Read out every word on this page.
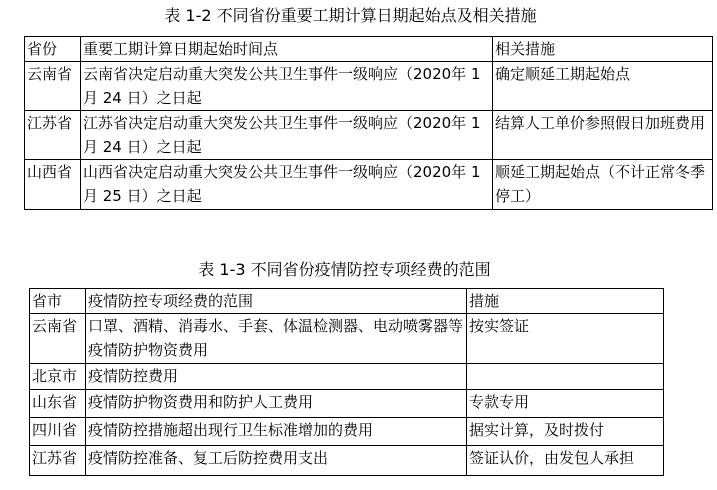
表 1-2 不同省份重要工期计算日期起始点及相关措施
省份	重要工期计算日期起始时间点	相关措施
云南省	云南省决定启动重大突发公共卫生事件一级响应（2020年 1 月 24 日）之日起	确定顺延工期起始点
江苏省	江苏省决定启动重大突发公共卫生事件一级响应（2020年 1 月 24 日）之日起	结算人工单价参照假日加班费用
山西省	山西省决定启动重大突发公共卫生事件一级响应（2020年 1 月 25 日）之日起	顺延工期起始点（不计正常冬季停工）
表 1-3 不同省份疫情防控专项经费的范围
省市	疫情防控专项经费的范围	措施
云南省	口罩、酒精、消毒水、手套、体温检测器、电动喷雾器等疫情防护物资费用	按实签证
北京市	疫情防控费用	
山东省	疫情防护物资费用和防护人工费用	专款专用
四川省	疫情防控措施超出现行卫生标准增加的费用	据实计算，及时拨付
江苏省	疫情防控准备、复工后防控费用支出	签证认价，由发包人承担
